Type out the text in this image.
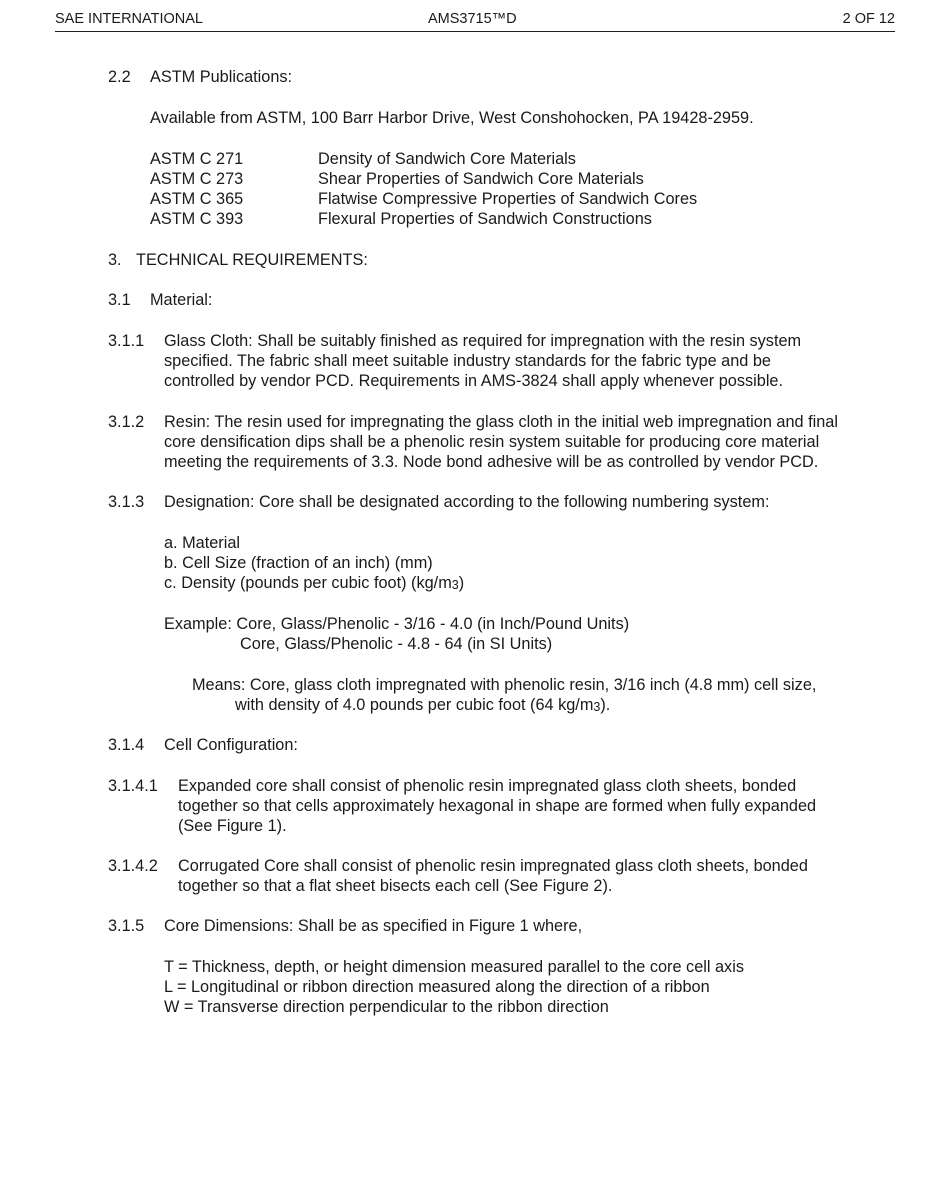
SAE INTERNATIONAL	AMS3715™D	2 OF 12
2.2 ASTM Publications:
Available from ASTM, 100 Barr Harbor Drive, West Conshohocken, PA 19428-2959.
ASTM C 271	Density of Sandwich Core Materials
ASTM C 273	Shear Properties of Sandwich Core Materials
ASTM C 365	Flatwise Compressive Properties of Sandwich Cores
ASTM C 393	Flexural Properties of Sandwich Constructions
3. TECHNICAL REQUIREMENTS:
3.1 Material:
3.1.1 Glass Cloth: Shall be suitably finished as required for impregnation with the resin system
specified. The fabric shall meet suitable industry standards for the fabric type and be
controlled by vendor PCD. Requirements in AMS-3824 shall apply whenever possible.
3.1.2 Resin: The resin used for impregnating the glass cloth in the initial web impregnation and final
core densification dips shall be a phenolic resin system suitable for producing core material
meeting the requirements of 3.3. Node bond adhesive will be as controlled by vendor PCD.
3.1.3 Designation: Core shall be designated according to the following numbering system:
a. Material
b. Cell Size (fraction of an inch) (mm)
c. Density (pounds per cubic foot) $(kg/m_3)$
Example: Core, Glass/Phenolic - 3/16 - 4.0 (in Inch/Pound Units)
Core, Glass/Phenolic - 4.8 - 64 (in SI Units)
Means: Core, glass cloth impregnated with phenolic resin, 3/16 inch (4.8 mm) cell size,
with density of 4.0 pounds per cubic foot (64 $kg/m_3$).
3.1.4 Cell Configuration:
3.1.4.1 Expanded core shall consist of phenolic resin impregnated glass cloth sheets, bonded
together so that cells approximately hexagonal in shape are formed when fully expanded
(See Figure 1).
3.1.4.2 Corrugated Core shall consist of phenolic resin impregnated glass cloth sheets, bonded
together so that a flat sheet bisects each cell (See Figure 2).
3.1.5 Core Dimensions: Shall be as specified in Figure 1 where,
T = Thickness, depth, or height dimension measured parallel to the core cell axis
L = Longitudinal or ribbon direction measured along the direction of a ribbon
W = Transverse direction perpendicular to the ribbon direction
